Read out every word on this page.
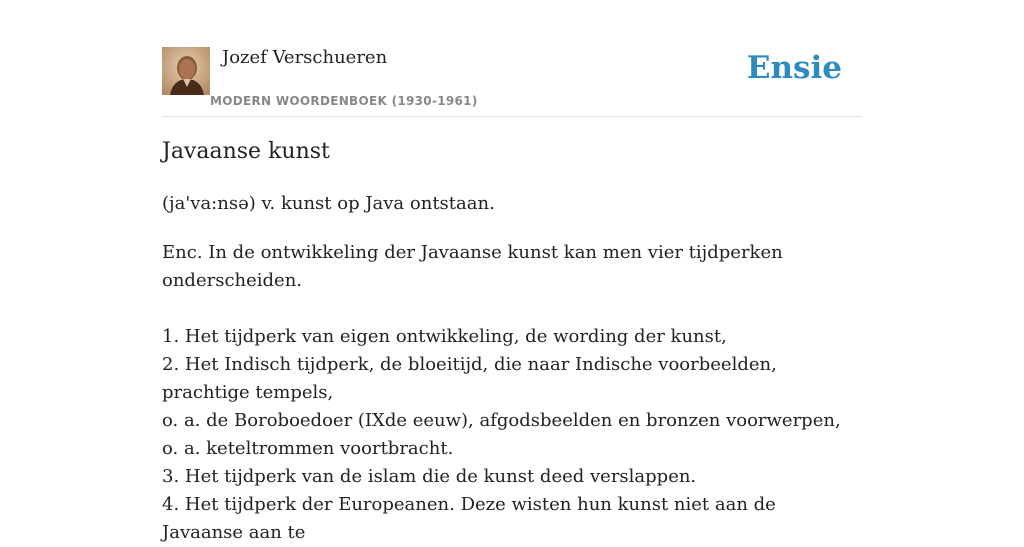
Jozef Verschueren
MODERN WOORDENBOEK (1930-1961)
Ensie
Javaanse kunst
(ja'va:nsə) v. kunst op Java ontstaan.

Enc. In de ontwikkeling der Javaanse kunst kan men vier tijdperken onderscheiden.

1. Het tijdperk van eigen ontwikkeling, de wording der kunst,

2. Het Indisch tijdperk, de bloeitijd, die naar Indische voorbeelden, prachtige tempels,

o. a. de Boroboedoer (IXde eeuw), afgodsbeelden en bronzen voorwerpen, o. a. keteltrommen voortbracht.

3. Het tijdperk van de islam die de kunst deed verslappen.

4. Het tijdperk der Europeanen. Deze wisten hun kunst niet aan de Javaanse aan te
